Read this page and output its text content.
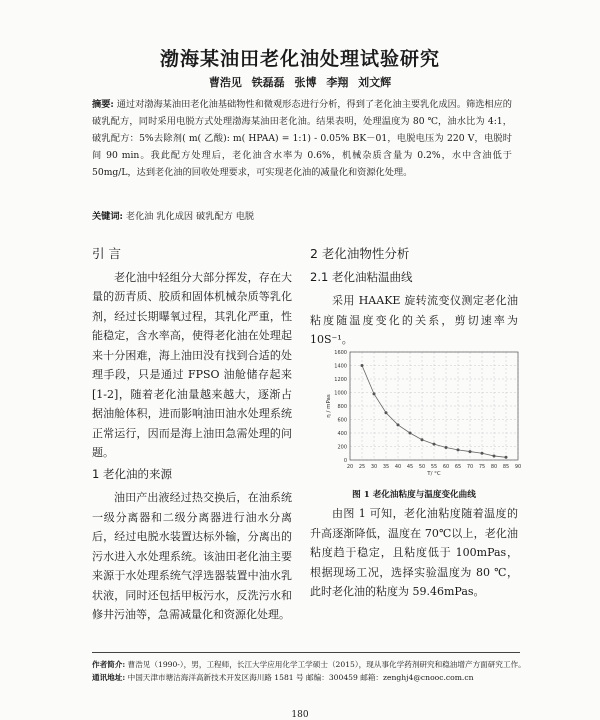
渤海某油田老化油处理试验研究
曹浩见 铁磊磊 张博 李翔 刘文辉
摘要: 通过对渤海某油田老化油基础物性和微观形态进行分析，得到了老化油主要乳化成因。筛选相应的破乳配方，同时采用电脱方式处理渤海某油田老化油。结果表明，处理温度为 80 ℃，油水比为 4:1，破乳配方：5%去除剂( m( 乙酸): m( HPAA) = 1:1) - 0.05% BK－01，电脱电压为 220 V，电脱时间 90 min。我此配方处理后，老化油含水率为 0.6%，机械杂质含量为 0.2%，水中含油低于 50mg/L，达到老化油的回收处理要求，可实现老化油的减量化和资源化处理。
关键词: 老化油 乳化成因 破乳配方 电脱
引 言

老化油中轻组分大部分挥发，存在大量的沥青质、胶质和固体机械杂质等乳化剂，经过长期曝氧过程，其乳化严重，性能稳定，含水率高，使得老化油在处理起来十分困难，海上油田没有找到合适的处理手段，只是通过 FPSO 油舱储存起来[1-2]，随着老化油量越来越大，逐渐占据油舱体积，进而影响油田油水处理系统正常运行，因而是海上油田急需处理的问题。

1 老化油的来源

油田产出液经过热交换后，在油系统一级分离器和二级分离器进行油水分离后，经过电脱水装置达标外输，分离出的污水进入水处理系统。该油田老化油主要来源于水处理系统气浮选器装置中油水乳状液，同时还包括甲板污水，反洗污水和修井污油等，急需减量化和资源化处理。

2 老化油物性分析
2.1 老化油粘温曲线

采用 HAAKE 旋转流变仪测定老化油粘度随温度变化的关系，剪切速率为 10S⁻¹。

0
200
400
600
800
1000
1200
1400
1600
20 25 30 35 40 45 50 55 60 65 70 75 80 85 90
T/ °C
η / mPas
图 1 老化油粘度与温度变化曲线

由图 1 可知，老化油粘度随着温度的升高逐渐降低，温度在 70℃以上，老化油粘度趋于稳定，且粘度低于 100mPas，根据现场工况，选择实验温度为 80 ℃，此时老化油的粘度为 59.46mPas。

作者简介: 曹浩见（1990-），男，工程师，长江大学应用化学工学硕士（2015），现从事化学药剂研究和稳油增产方面研究工作。
通讯地址: 中国天津市塘沽海洋高新技术开发区海川路 1581 号 邮编：300459 邮箱：zenghj4@cnooc.com.cn
180
